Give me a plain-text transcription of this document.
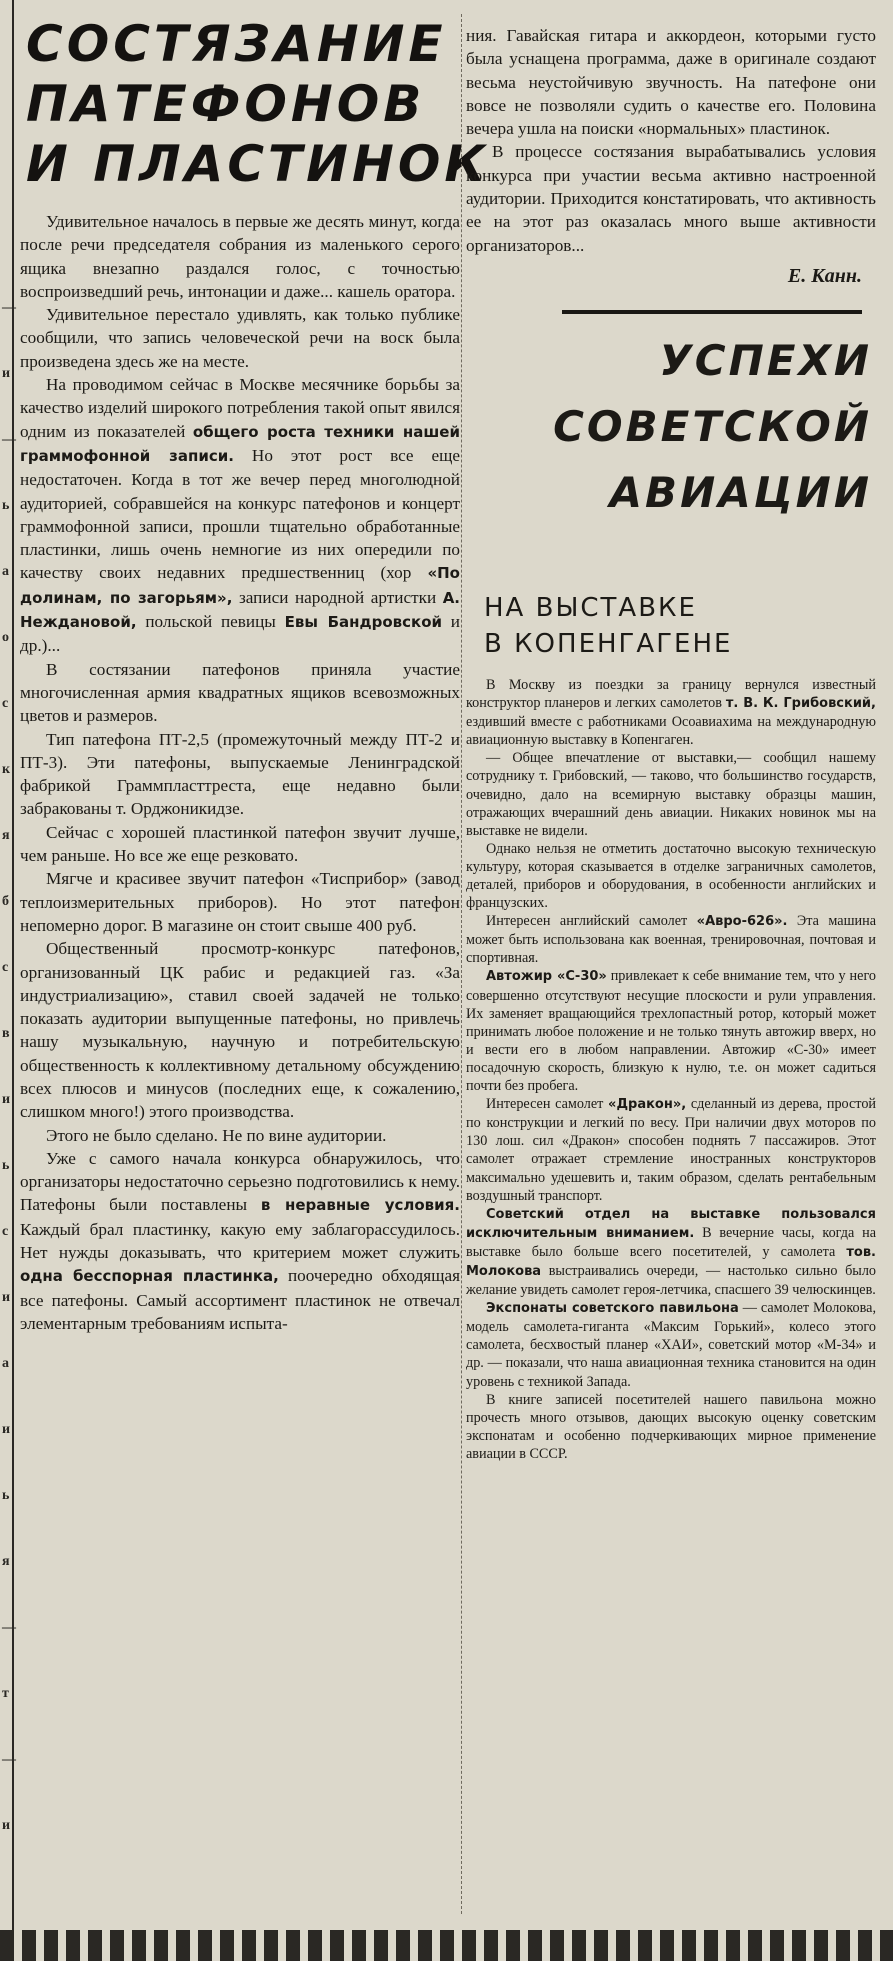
—
и
—
ь
а
о
с
к
я
б
с
в
и
ь
с
и
а
и
ь
я
—
т
—
и
СОСТЯЗАНИЕ
ПАТЕФОНОВ
И ПЛАСТИНОК

Удивительное началось в первые же десять минут, когда после речи председателя собрания из маленького серого ящика внезапно раздался голос, с точностью воспроизведший речь, интонации и даже... кашель оратора.

Удивительное перестало удивлять, как только публике сообщили, что запись человеческой речи на воск была произведена здесь же на месте.

На проводимом сейчас в Москве месячнике борьбы за качество изделий широкого потребления такой опыт явился одним из показателей общего роста техники нашей граммофонной записи. Но этот рост все еще недостаточен. Когда в тот же вечер перед многолюдной аудиторией, собравшейся на конкурс патефонов и концерт граммофонной записи, прошли тщательно обработанные пластинки, лишь очень немногие из них опередили по качеству своих недавних предшественниц (хор «По долинам, по загорьям», записи народной артистки А. Неждановой, польской певицы Евы Бандровской и др.)...

В состязании патефонов приняла участие многочисленная армия квадратных ящиков всевозможных цветов и размеров.

Тип патефона ПТ-2,5 (промежуточный между ПТ-2 и ПТ-3). Эти патефоны, выпускаемые Ленинградской фабрикой Граммпласттреста, еще недавно были забракованы т. Орджоникидзе.

Сейчас с хорошей пластинкой патефон звучит лучше, чем раньше. Но все же еще резковато.

Мягче и красивее звучит патефон «Тисприбор» (завод теплоизмерительных приборов). Но этот патефон непомерно дорог. В магазине он стоит свыше 400 руб.

Общественный просмотр-конкурс патефонов, организованный ЦК рабис и редакцией газ. «За индустриализацию», ставил своей задачей не только показать аудитории выпущенные патефоны, но привлечь нашу музыкальную, научную и потребительскую общественность к коллективному детальному обсуждению всех плюсов и минусов (последних еще, к сожалению, слишком много!) этого производства.

Этого не было сделано. Не по вине аудитории.

Уже с самого начала конкурса обнаружилось, что организаторы недостаточно серьезно подготовились к нему. Патефоны были поставлены в неравные условия. Каждый брал пластинку, какую ему заблагорассудилось. Нет нужды доказывать, что критерием может служить одна бесспорная пластинка, поочередно обходящая все патефоны. Самый ассортимент пластинок не отвечал элементарным требованиям испыта-

ния. Гавайская гитара и аккордеон, которыми густо была уснащена программа, даже в оригинале создают весьма неустойчивую звучность. На патефоне они вовсе не позволяли судить о качестве его. Половина вечера ушла на поиски «нормальных» пластинок.

В процессе состязания вырабатывались условия конкурса при участии весьма активно настроенной аудитории. Приходится констатировать, что активность ее на этот раз оказалась много выше активности организаторов...

Е. Канн.
УСПЕХИ
СОВЕТСКОЙ
АВИАЦИИ
НА ВЫСТАВКЕ
В КОПЕНГАГЕНЕ

В Москву из поездки за границу вернулся известный конструктор планеров и легких самолетов т. В. К. Грибовский, ездивший вместе с работниками Осоавиахима на международную авиационную выставку в Копенгаген.

— Общее впечатление от выставки,— сообщил нашему сотруднику т. Грибовский, — таково, что большинство государств, очевидно, дало на всемирную выставку образцы машин, отражающих вчерашний день авиации. Никаких новинок мы на выставке не видели.

Однако нельзя не отметить достаточно высокую техническую культуру, которая сказывается в отделке заграничных самолетов, деталей, приборов и оборудования, в особенности английских и французских.

Интересен английский самолет «Авро-626». Эта машина может быть использована как военная, тренировочная, почтовая и спортивная.

Автожир «С-30» привлекает к себе внимание тем, что у него совершенно отсутствуют несущие плоскости и рули управления. Их заменяет вращающийся трехлопастный ротор, который может принимать любое положение и не только тянуть автожир вверх, но и вести его в любом направлении. Автожир «С-30» имеет посадочную скорость, близкую к нулю, т.е. он может садиться почти без пробега.

Интересен самолет «Дракон», сделанный из дерева, простой по конструкции и легкий по весу. При наличии двух моторов по 130 лош. сил «Дракон» способен поднять 7 пассажиров. Этот самолет отражает стремление иностранных конструкторов максимально удешевить и, таким образом, сделать рентабельным воздушный транспорт.

Советский отдел на выставке пользовался исключительным вниманием. В вечерние часы, когда на выставке было больше всего посетителей, у самолета тов. Молокова выстраивались очереди, — настолько сильно было желание увидеть самолет героя-летчика, спасшего 39 челюскинцев.

Экспонаты советского павильона — самолет Молокова, модель самолета-гиганта «Максим Горький», колесо этого самолета, бесхвостый планер «ХАИ», советский мотор «М-34» и др. — показали, что наша авиационная техника становится на один уровень с техникой Запада.

В книге записей посетителей нашего павильона можно прочесть много отзывов, дающих высокую оценку советским экспонатам и особенно подчеркивающих мирное применение авиации в СССР.
